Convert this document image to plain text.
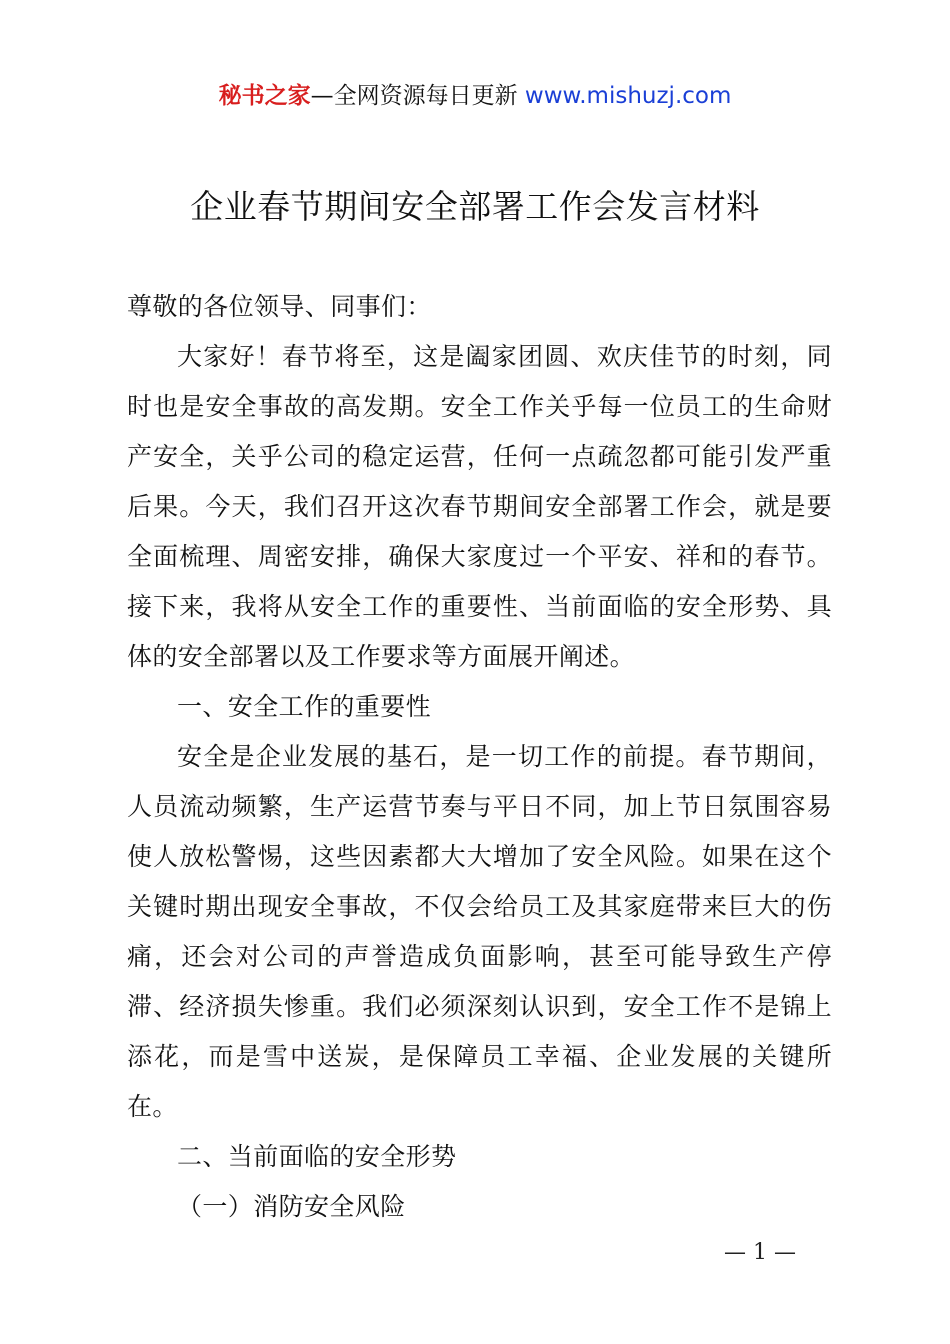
秘书之家—全网资源每日更新 www.mishuzj.com
企业春节期间安全部署工作会发言材料

尊敬的各位领导、同事们：

大家好！春节将至，这是阖家团圆、欢庆佳节的时刻，同时也是安全事故的高发期。安全工作关乎每一位员工的生命财产安全，关乎公司的稳定运营，任何一点疏忽都可能引发严重后果。今天，我们召开这次春节期间安全部署工作会，就是要全面梳理、周密安排，确保大家度过一个平安、祥和的春节。接下来，我将从安全工作的重要性、当前面临的安全形势、具体的安全部署以及工作要求等方面展开阐述。

一、安全工作的重要性

安全是企业发展的基石，是一切工作的前提。春节期间，人员流动频繁，生产运营节奏与平日不同，加上节日氛围容易使人放松警惕，这些因素都大大增加了安全风险。如果在这个关键时期出现安全事故，不仅会给员工及其家庭带来巨大的伤痛，还会对公司的声誉造成负面影响，甚至可能导致生产停滞、经济损失惨重。我们必须深刻认识到，安全工作不是锦上添花，而是雪中送炭，是保障员工幸福、企业发展的关键所在。

二、当前面临的安全形势

（一）消防安全风险

— 1 —
